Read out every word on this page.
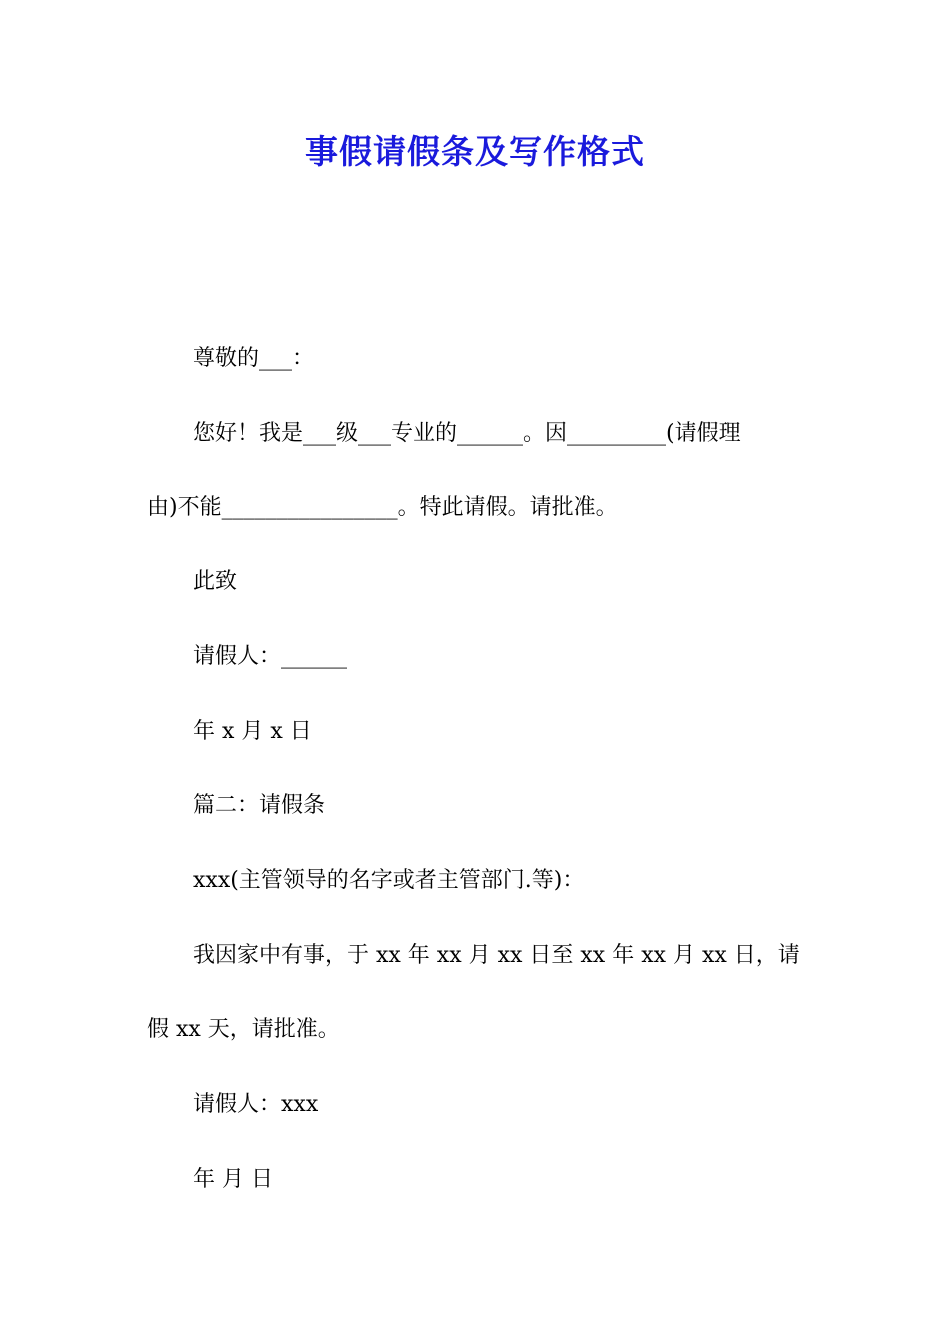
事假请假条及写作格式

尊敬的___：

您好！我是___级___专业的______。因_________(请假理

由)不能________________。特此请假。请批准。

此致

请假人：______

年 x 月 x 日

篇二：请假条

xxx(主管领导的名字或者主管部门.等)：

我因家中有事，于 xx 年 xx 月 xx 日至 xx 年 xx 月 xx 日，请

假 xx 天，请批准。

请假人：xxx

年 月 日
